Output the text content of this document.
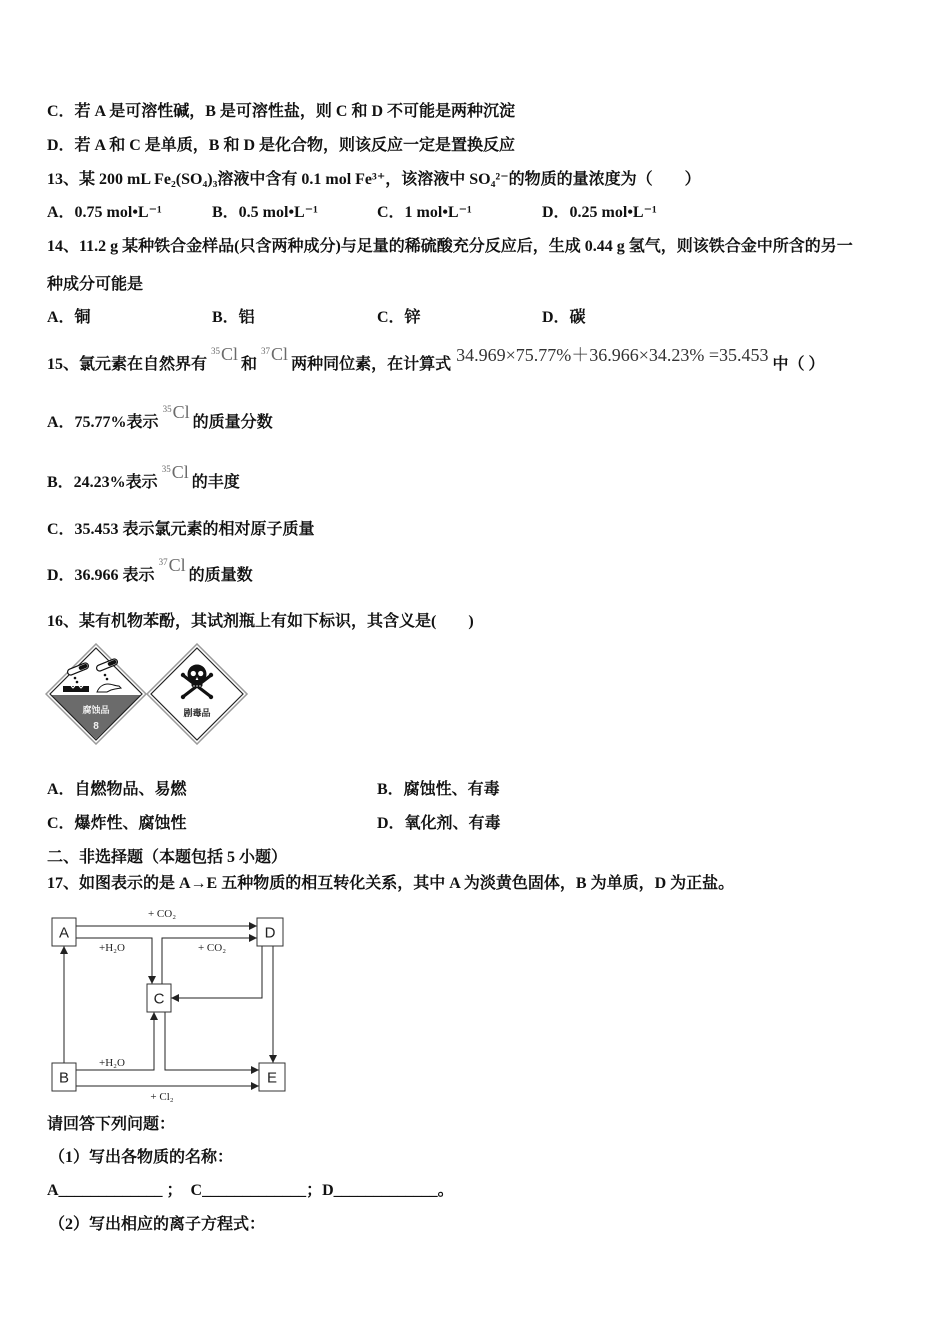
C．若 A 是可溶性碱，B 是可溶性盐，则 C 和 D 不可能是两种沉淀
D．若 A 和 C 是单质，B 和 D 是化合物，则该反应一定是置换反应
13、某 200 mL Fe₂(SO₄)₃溶液中含有 0.1 mol Fe³⁺，该溶液中 SO₄²⁻的物质的量浓度为（　　）
A．0.75 mol•L⁻¹	B．0.5 mol•L⁻¹	C．1 mol•L⁻¹	D．0.25 mol•L⁻¹
14、11.2 g 某种铁合金样品(只含两种成分)与足量的稀硫酸充分反应后，生成 0.44 g 氢气，则该铁合金中所含的另一
种成分可能是
A．铜	B．铝	C．锌	D．碳
15、氯元素在自然界有$^{35}$Cl和$^{37}$Cl两种同位素，在计算式 34.969×75.77%＋36.966×34.23% =35.453 中（ ）
A．75.77%表示$^{35}$Cl的质量分数
B．24.23%表示$^{35}$Cl的丰度
C．35.453 表示氯元素的相对原子质量
D．36.966 表示$^{37}$Cl的质量数
16、某有机物苯酚，其试剂瓶上有如下标识，其含义是(　　)
腐蚀品
8
剧毒品
A．自燃物品、易燃	B．腐蚀性、有毒
C．爆炸性、腐蚀性	D．氧化剂、有毒
二、非选择题（本题包括 5 小题）
17、如图表示的是 A→E 五种物质的相互转化关系，其中 A 为淡黄色固体，B 为单质，D 为正盐。
+ CO₂
+H₂O	+ CO₂
+H₂O
+ Cl₂
A	D
C
B	E
请回答下列问题：
（1）写出各物质的名称：
A_____________ ；  C_____________；D_____________。
（2）写出相应的离子方程式：
